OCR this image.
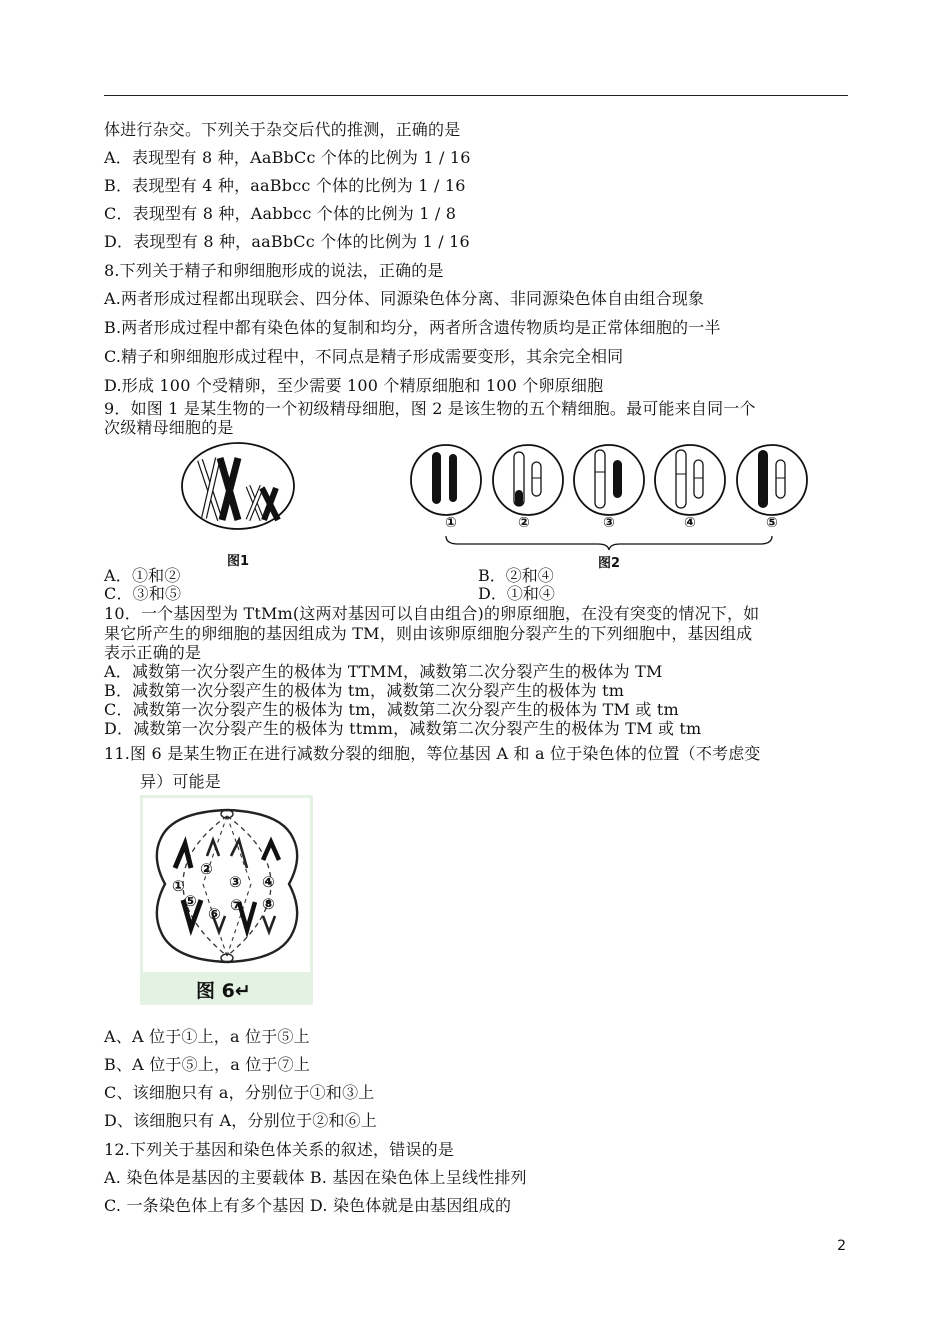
体进行杂交。下列关于杂交后代的推测，正确的是
A．表现型有 8 种，AaBbCc 个体的比例为 1 / 16
B．表现型有 4 种，aaBbcc 个体的比例为 1 / 16
C．表现型有 8 种，Aabbcc 个体的比例为 1 / 8
D．表现型有 8 种，aaBbCc 个体的比例为 1 / 16
8.下列关于精子和卵细胞形成的说法，正确的是
A.两者形成过程都出现联会、四分体、同源染色体分离、非同源染色体自由组合现象
B.两者形成过程中都有染色体的复制和均分，两者所含遗传物质均是正常体细胞的一半
C.精子和卵细胞形成过程中，不同点是精子形成需要变形，其余完全相同
D.形成 100 个受精卵，至少需要 100 个精原细胞和 100 个卵原细胞
9．如图 1 是某生物的一个初级精母细胞，图 2 是该生物的五个精细胞。最可能来自同一个
次级精母细胞的是
图1
①	②	③	④	⑤
图2
A．①和②	B．②和④
C．③和⑤	D．①和④
10．一个基因型为 TtMm(这两对基因可以自由组合)的卵原细胞，在没有突变的情况下，如
果它所产生的卵细胞的基因组成为 TM，则由该卵原细胞分裂产生的下列细胞中，基因组成
表示正确的是
A．减数第一次分裂产生的极体为 TTMM，减数第二次分裂产生的极体为 TM
B．减数第一次分裂产生的极体为 tm，减数第二次分裂产生的极体为 tm
C．减数第一次分裂产生的极体为 tm，减数第二次分裂产生的极体为 TM 或 tm
D．减数第一次分裂产生的极体为 ttmm，减数第二次分裂产生的极体为 TM 或 tm
11.图 6 是某生物正在进行减数分裂的细胞，等位基因 A 和 a 位于染色体的位置（不考虑变
异）可能是
②
①	③ ④
⑤
⑥ ⑦ ⑧
图 6↵
A、A 位于①上，a 位于⑤上
B、A 位于⑤上，a 位于⑦上
C、该细胞只有 a，分别位于①和③上
D、该细胞只有 A，分别位于②和⑥上
12.下列关于基因和染色体关系的叙述，错误的是
A. 染色体是基因的主要载体 B. 基因在染色体上呈线性排列
C. 一条染色体上有多个基因 D. 染色体就是由基因组成的
2
